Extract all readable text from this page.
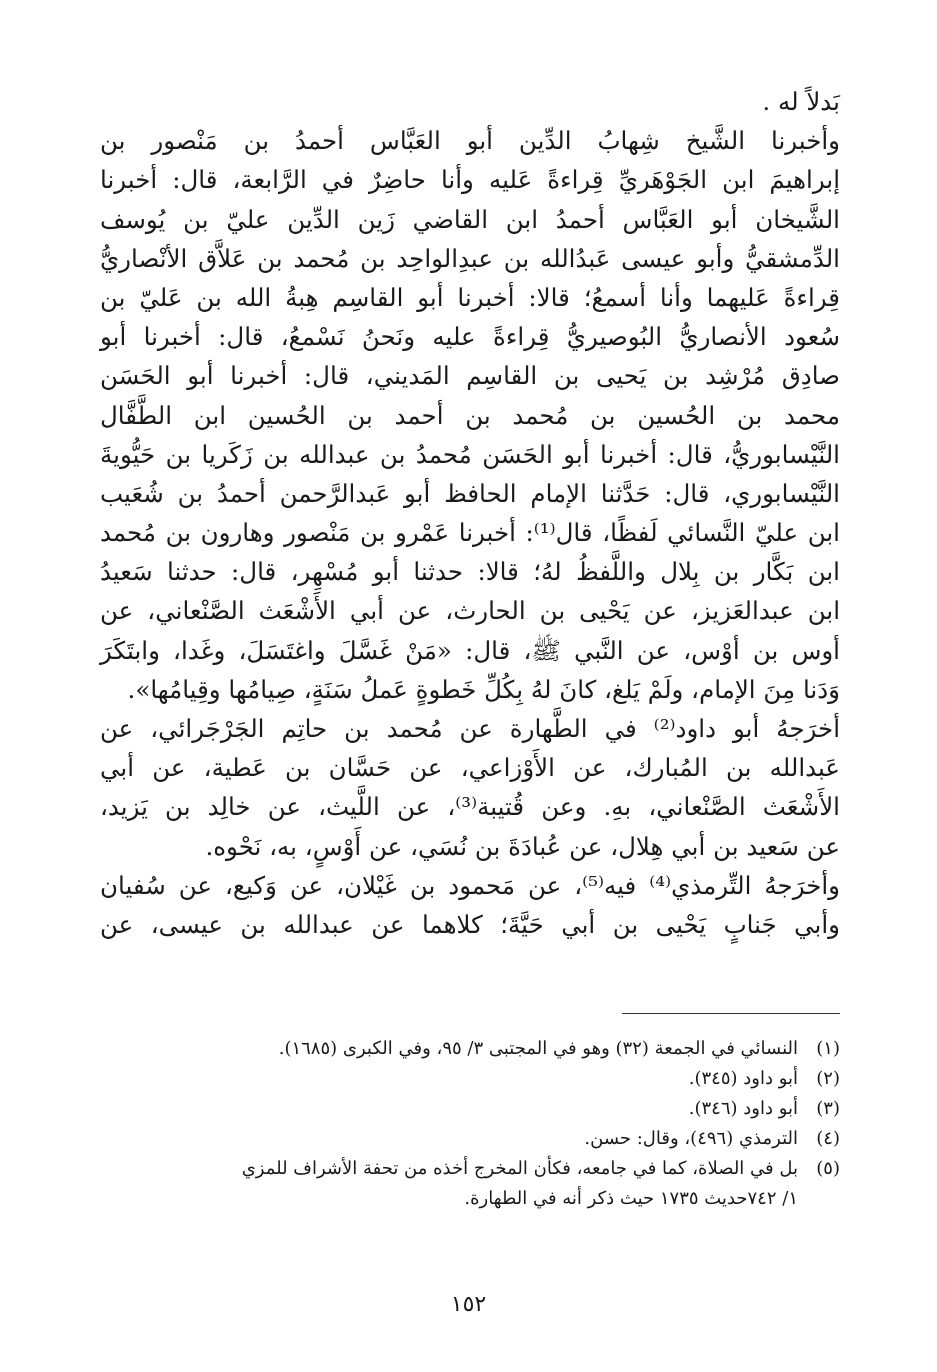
بَدلاً له .
وأخبرنا الشَّيخ شِهابُ الدِّين أبو العَبَّاس أحمدُ بن مَنْصور بن
إبراهيمَ ابن الجَوْهَريِّ قِراءةً عَليه وأنا حاضِرٌ في الرَّابعة، قال: أخبرنا
الشَّيخان أبو العَبَّاس أحمدُ ابن القاضي زَين الدِّين عليّ بن يُوسف
الدِّمشقيُّ وأبو عيسى عَبدُالله بن عبدِالواحِد بن مُحمد بن عَلاَّق الأنْصاريُّ
قِراءةً عَليهما وأنا أسمعُ؛ قالا: أخبرنا أبو القاسِم هِبةُ الله بن عَليّ بن
سُعود الأنصاريُّ البُوصيريُّ قِراءةً عليه ونَحنُ نَسْمعُ، قال: أخبرنا أبو
صادِق مُرْشِد بن يَحيى بن القاسِم المَديني، قال: أخبرنا أبو الحَسَن
محمد بن الحُسين بن مُحمد بن أحمد بن الحُسين ابن الطَّفَّال
النَّيْسابوريُّ، قال: أخبرنا أبو الحَسَن مُحمدُ بن عبدالله بن زَكَريا بن حَيُّويةَ
النَّيْسابوري، قال: حَدَّثنا الإمام الحافظ أبو عَبدالرَّحمن أحمدُ بن شُعَيب
ابن عليّ النَّسائي لَفظًا، قال⁽¹⁾: أخبرنا عَمْرو بن مَنْصور وهارون بن مُحمد
ابن بَكَّار بن بِلال واللَّفظُ لهُ؛ قالا: حدثنا أبو مُسْهِر، قال: حدثنا سَعيدُ
ابن عبدالعَزيز، عن يَحْيى بن الحارث، عن أبي الأَشْعَث الصَّنْعاني، عن
أوس بن أوْس، عن النَّبي ﷺ، قال: «مَنْ غَسَّلَ واغتَسَلَ، وغَدا، وابتَكَرَ
وَدَنا مِنَ الإمام، ولَمْ يَلغ، كانَ لهُ بِكُلِّ خَطوةٍ عَملُ سَنَةٍ، صِيامُها وقِيامُها».
أخرَجهُ أبو داود⁽²⁾ في الطَّهارة عن مُحمد بن حاتِم الجَرْجَرائي، عن
عَبدالله بن المُبارك، عن الأَوْزاعي، عن حَسَّان بن عَطية، عن أبي
الأَشْعَث الصَّنْعاني، بهِ. وعن قُتيبة⁽³⁾، عن اللَّيث، عن خالِد بن يَزيد،
عن سَعيد بن أبي هِلال، عن عُبادَةَ بن نُسَي، عن أَوْسٍ، به، نَحْوه.
وأخرَجهُ التِّرمذي⁽⁴⁾ فيه⁽⁵⁾، عن مَحمود بن غَيْلان، عن وَكيع، عن سُفيان
وأبي جَنابٍ يَحْيى بن أبي حَيَّةَ؛ كلاهما عن عبدالله بن عيسى، عن
(١)
النسائي في الجمعة (٣٢) وهو في المجتبى ٣/ ٩٥، وفي الكبرى (١٦٨٥).
(٢)
أبو داود (٣٤٥).
(٣)
أبو داود (٣٤٦).
(٤)
الترمذي (٤٩٦)، وقال: حسن.
(٥)
بل في الصلاة، كما في جامعه، فكأن المخرج أخذه من تحفة الأشراف للمزي
١/ ٧٤٢حديث ١٧٣٥ حيث ذكر أنه في الطهارة.
١٥٢
